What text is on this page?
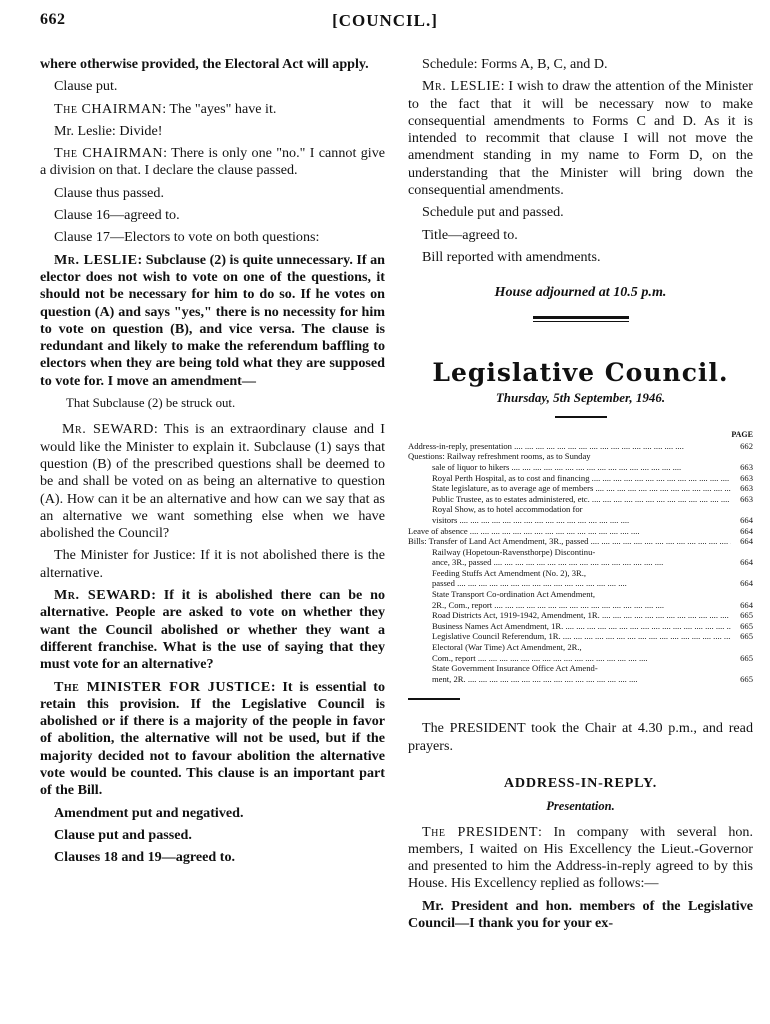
662	[COUNCIL.]

where otherwise provided, the Electoral Act will apply.

Clause put.

The CHAIRMAN: The "ayes" have it.

Mr. Leslie: Divide!

The CHAIRMAN: There is only one "no." I cannot give a division on that. I declare the clause passed.

Clause thus passed.

Clause 16—agreed to.

Clause 17—Electors to vote on both questions:

Mr. LESLIE: Subclause (2) is quite unnecessary. If an elector does not wish to vote on one of the questions, it should not be necessary for him to do so. If he votes on question (A) and says "yes," there is no necessity for him to vote on question (B), and vice versa. The clause is redundant and likely to make the referendum baffling to electors when they are being told what they are supposed to vote for. I move an amendment—

That Subclause (2) be struck out.

Mr. SEWARD: This is an extraordinary clause and I would like the Minister to explain it. Subclause (1) says that question (B) of the prescribed questions shall be deemed to be and shall be voted on as being an alternative to question (A). How can it be an alternative and how can we say that as an alternative we want something else when we have abolished the Council?

The Minister for Justice: If it is not abolished there is the alternative.

Mr. SEWARD: If it is abolished there can be no alternative. People are asked to vote on whether they want the Council abolished or whether they want a different franchise. What is the use of saying that they must vote for an alternative?

The MINISTER FOR JUSTICE: It is essential to retain this provision. If the Legislative Council is abolished or if there is a majority of the people in favor of abolition, the alternative will not be used, but if the majority decided not to favour abolition the alternative vote would be counted. This clause is an important part of the Bill.

Amendment put and negatived.

Clause put and passed.

Clauses 18 and 19—agreed to.

Schedule: Forms A, B, C, and D.

Mr. LESLIE: I wish to draw the attention of the Minister to the fact that it will be necessary now to make consequential amendments to Forms C and D. As it is intended to recommit that clause I will not move the amendment standing in my name to Form D, on the understanding that the Minister will bring down the consequential amendments.

Schedule put and passed.

Title—agreed to.

Bill reported with amendments.

House adjourned at 10.5 p.m.
Legislative Council.
Thursday, 5th September, 1946.
PAGE
Address-in-reply, presentation ....	662
Questions: Railway refreshment rooms, as to Sunday
sale of liquor to hikers ....	663
Royal Perth Hospital, as to cost and financing ....	663
State legislature, as to average age of members ....	663
Public Trustee, as to estates administered, etc. ....	663
Royal Show, as to hotel accommodation for
visitors ....	664
Leave of absence ....	664
Bills: Transfer of Land Act Amendment, 3R., passed ....	664
Railway (Hopetoun-Ravensthorpe) Discontinu-
ance, 3R., passed ....	664
Feeding Stuffs Act Amendment (No. 2), 3R.,
passed ....	664
State Transport Co-ordination Act Amendment,
2R., Com., report ....	664
Road Districts Act, 1919-1942, Amendment, 1R. ....	665
Business Names Act Amendment, 1R. ....	665
Legislative Council Referendum, 1R. ....	665
Electoral (War Time) Act Amendment, 2R.,
Com., report ....	665
State Government Insurance Office Act Amend-
ment, 2R. ....	665

The PRESIDENT took the Chair at 4.30 p.m., and read prayers.

ADDRESS-IN-REPLY.
Presentation.

The PRESIDENT: In company with several hon. members, I waited on His Excellency the Lieut.-Governor and presented to him the Address-in-reply agreed to by this House. His Excellency replied as follows:—

Mr. President and hon. members of the Legislative Council—I thank you for your ex-
